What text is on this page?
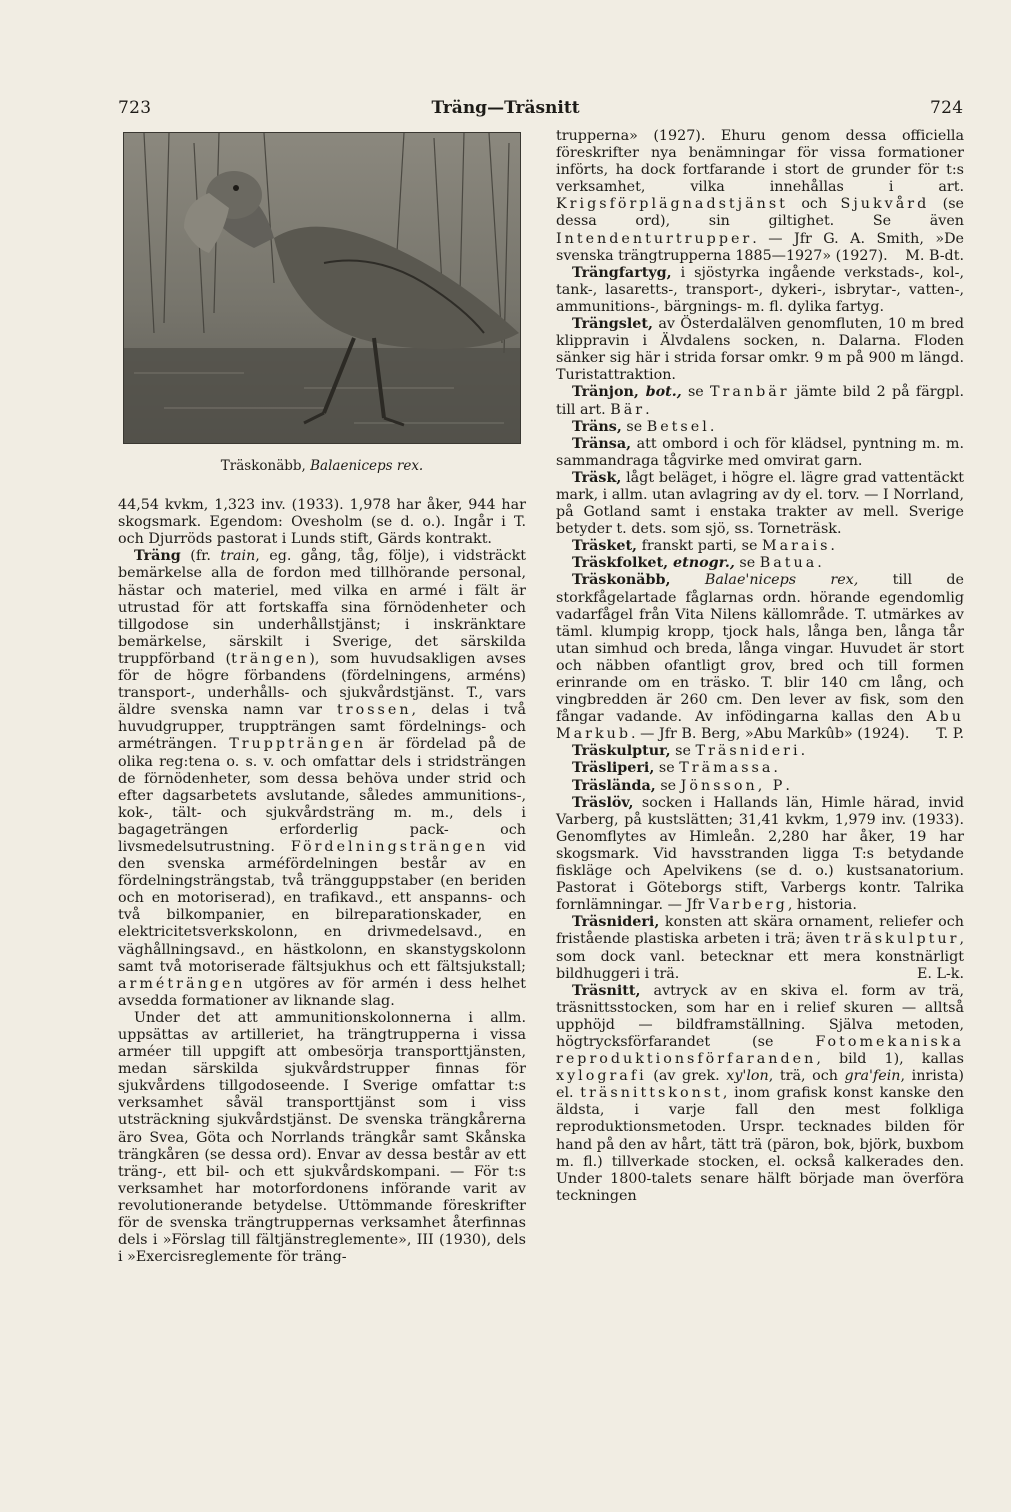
723	Träng—Träsnitt	724
Träskonäbb, Balaeniceps rex.

44,54 kvkm, 1,323 inv. (1933). 1,978 har åker, 944 har skogsmark. Egendom: Ovesholm (se d. o.). Ingår i T. och Djurröds pastorat i Lunds stift, Gärds kontrakt.

Träng (fr. train, eg. gång, tåg, följe), i vidsträckt bemärkelse alla de fordon med tillhörande personal, hästar och materiel, med vilka en armé i fält är utrustad för att fortskaffa sina förnödenheter och tillgodose sin underhållstjänst; i inskränktare bemärkelse, särskilt i Sverige, det särskilda truppförband (trängen), som huvudsakligen avses för de högre förbandens (fördelningens, arméns) transport-, underhålls- och sjukvårdstjänst. T., vars äldre svenska namn var trossen, delas i två huvudgrupper, truppträngen samt fördelnings- och arméträngen. Truppträngen är fördelad på de olika reg:tena o. s. v. och omfattar dels i stridsträngen de förnödenheter, som dessa behöva under strid och efter dagsarbetets avslutande, således ammunitions-, kok-, tält- och sjukvårdsträng m. m., dels i bagageträngen erforderlig pack- och livsmedelsutrustning. Fördelningsträngen vid den svenska arméfördelningen består av en fördelningsträngstab, två trängguppstaber (en beriden och en motoriserad), en trafikavd., ett anspanns- och två bilkompanier, en bilreparationskader, en elektricitetsverkskolonn, en drivmedelsavd., en väghållningsavd., en hästkolonn, en skanstygskolonn samt två motoriserade fältsjukhus och ett fältsjukstall; arméträngen utgöres av för armén i dess helhet avsedda formationer av liknande slag.

Under det att ammunitionskolonnerna i allm. uppsättas av artilleriet, ha trängtrupperna i vissa arméer till uppgift att ombesörja transporttjänsten, medan särskilda sjukvårdstrupper finnas för sjukvårdens tillgodoseende. I Sverige omfattar t:s verksamhet såväl transporttjänst som i viss utsträckning sjukvårdstjänst. De svenska trängkårerna äro Svea, Göta och Norrlands trängkår samt Skånska trängkåren (se dessa ord). Envar av dessa består av ett träng-, ett bil- och ett sjukvårdskompani. — För t:s verksamhet har motorfordonens införande varit av revolutionerande betydelse. Uttömmande föreskrifter för de svenska trängtruppernas verksamhet återfinnas dels i »Förslag till fältjänstreglemente», III (1930), dels i »Exercisreglemente för träng-

trupperna» (1927). Ehuru genom dessa officiella föreskrifter nya benämningar för vissa formationer införts, ha dock fortfarande i stort de grunder för t:s verksamhet, vilka innehållas i art. Krigsförplägnadstjänst och Sjukvård (se dessa ord), sin giltighet. Se även Intendenturtrupper. — Jfr G. A. Smith, »De svenska trängtrupperna 1885—1927» (1927). M. B-dt.

Trängfartyg, i sjöstyrka ingående verkstads-, kol-, tank-, lasaretts-, transport-, dykeri-, isbrytar-, vatten-, ammunitions-, bärgnings- m. fl. dylika fartyg.

Trängslet, av Österdalälven genomfluten, 10 m bred klippravin i Älvdalens socken, n. Dalarna. Floden sänker sig här i strida forsar omkr. 9 m på 900 m längd. Turistattraktion.

Tränjon, bot., se Tranbär jämte bild 2 på färgpl. till art. Bär.

Träns, se Betsel.

Tränsa, att ombord i och för klädsel, pyntning m. m. sammandraga tågvirke med omvirat garn.

Träsk, lågt beläget, i högre el. lägre grad vattentäckt mark, i allm. utan avlagring av dy el. torv. — I Norrland, på Gotland samt i enstaka trakter av mell. Sverige betyder t. dets. som sjö, ss. Torneträsk.

Träsket, franskt parti, se Marais.

Träskfolket, etnogr., se Batua.

Träskonäbb, Balae'niceps rex, till de storkfågelartade fåglarnas ordn. hörande egendomlig vadarfågel från Vita Nilens källområde. T. utmärkes av täml. klumpig kropp, tjock hals, långa ben, långa tår utan simhud och breda, långa vingar. Huvudet är stort och näbben ofantligt grov, bred och till formen erinrande om en träsko. T. blir 140 cm lång, och vingbredden är 260 cm. Den lever av fisk, som den fångar vadande. Av infödingarna kallas den Abu Markub. — Jfr B. Berg, »Abu Markûb» (1924).	T. P.

Träskulptur, se Träsnideri.

Träsliperi, se Trämassa.

Träslända, se Jönsson, P.

Träslöv, socken i Hallands län, Himle härad, invid Varberg, på kustslätten; 31,41 kvkm, 1,979 inv. (1933). Genomflytes av Himleån. 2,280 har åker, 19 har skogsmark. Vid havsstranden ligga T:s betydande fiskläge och Apelvikens (se d. o.) kustsanatorium. Pastorat i Göteborgs stift, Varbergs kontr. Talrika fornlämningar. — Jfr Varberg, historia.

Träsnideri, konsten att skära ornament, reliefer och fristående plastiska arbeten i trä; även träskulptur, som dock vanl. betecknar ett mera konstnärligt bildhuggeri i trä.	E. L-k.

Träsnitt, avtryck av en skiva el. form av trä, träsnittsstocken, som har en i relief skuren — alltså upphöjd — bildframställning. Själva metoden, högtrycksförfarandet (se Fotomekaniska reproduktionsförfaranden, bild 1), kallas xylografi (av grek. xy'lon, trä, och gra'fein, inrista) el. träsnittskonst, inom grafisk konst kanske den äldsta, i varje fall den mest folkliga reproduktionsmetoden. Urspr. tecknades bilden för hand på den av hårt, tätt trä (päron, bok, björk, buxbom m. fl.) tillverkade stocken, el. också kalkerades den. Under 1800-talets senare hälft började man överföra teckningen
